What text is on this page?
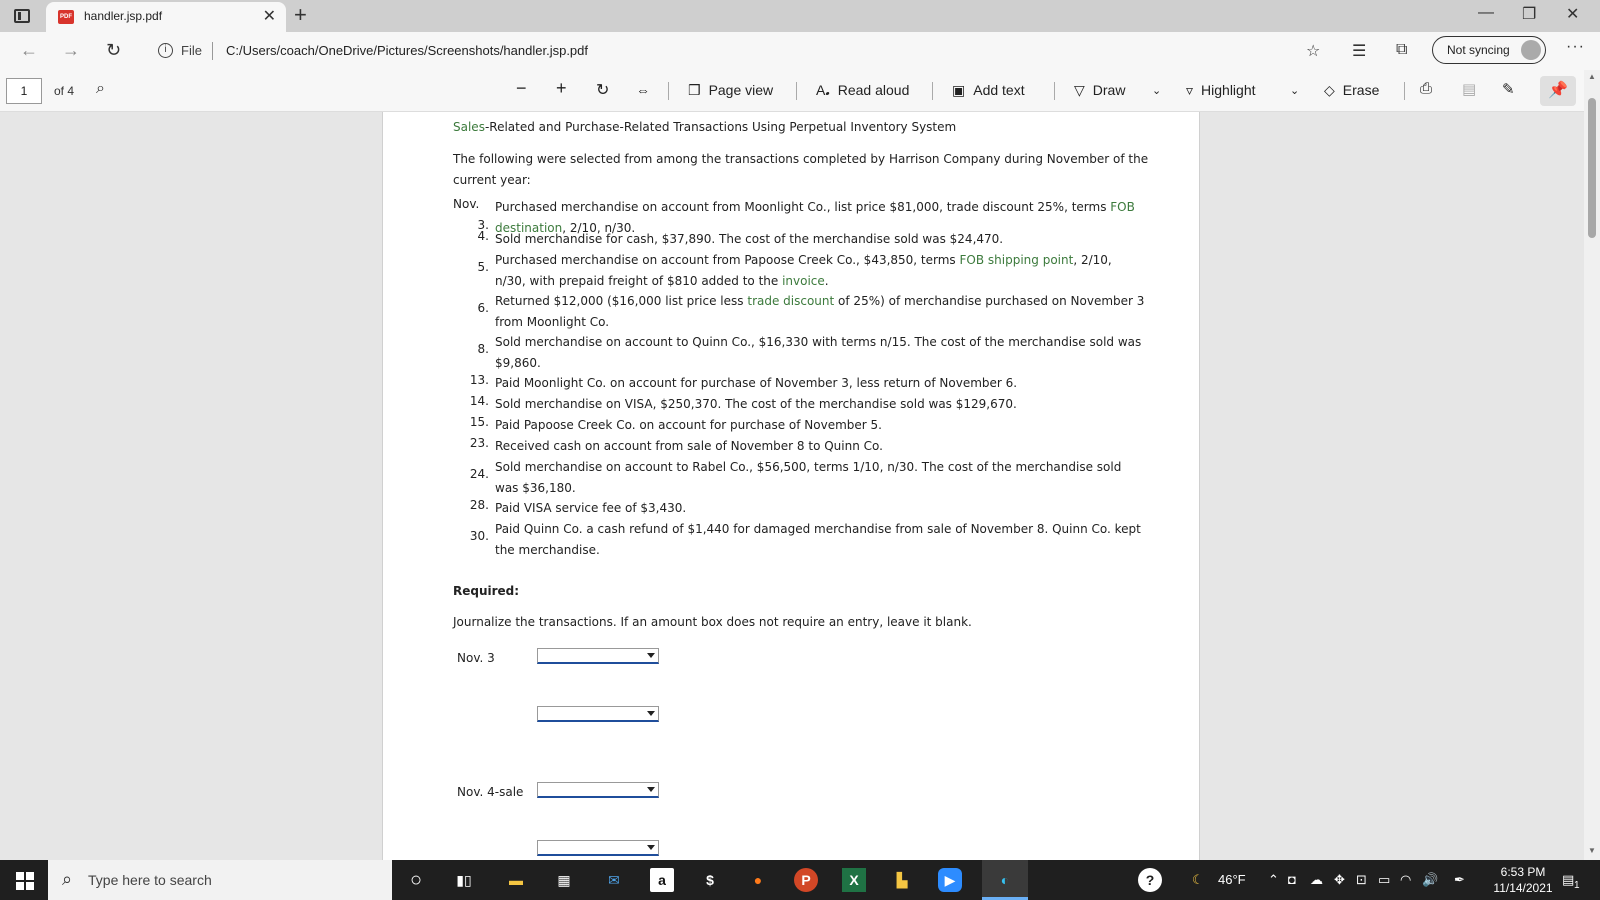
PDF handler.jsp.pdf	✕ +	— ❐ ✕
← → ↻	i	File C:/Users/coach/OneDrive/Pictures/Screenshots/handler.jsp.pdf	☆ ☰ ⧉	Not syncing	···
1	of 4 ⌕	− + ↻ ⇔	❒ Page view	A𝅘 Read aloud	▣ Add text	▽ Draw ⌄ ▿ Highlight	⌄ ◇ Erase	⎙ ▤ ✎	📌
Sales-Related and Purchase-Related Transactions Using Perpetual Inventory System
The following were selected from among the transactions completed by Harrison Company during November of the current year:
Nov.
3.
Purchased merchandise on account from Moonlight Co., list price $81,000, trade discount 25%, terms FOB destination, 2/10, n/30.
4. Sold merchandise for cash, $37,890. The cost of the merchandise sold was $24,470.
5. Purchased merchandise on account from Papoose Creek Co., $43,850, terms FOB shipping point, 2/10, n/30, with prepaid freight of $810 added to the invoice.
6. Returned $12,000 ($16,000 list price less trade discount of 25%) of merchandise purchased on November 3 from Moonlight Co.
8. Sold merchandise on account to Quinn Co., $16,330 with terms n/15. The cost of the merchandise sold was $9,860.
13. Paid Moonlight Co. on account for purchase of November 3, less return of November 6.
14. Sold merchandise on VISA, $250,370. The cost of the merchandise sold was $129,670.
15. Paid Papoose Creek Co. on account for purchase of November 5.
23. Received cash on account from sale of November 8 to Quinn Co.
24. Sold merchandise on account to Rabel Co., $56,500, terms 1/10, n/30. The cost of the merchandise sold was $36,180.
28. Paid VISA service fee of $3,430.
30. Paid Quinn Co. a cash refund of $1,440 for damaged merchandise from sale of November 8. Quinn Co. kept the merchandise.
Required:
Journalize the transactions. If an amount box does not require an entry, leave it blank.
Nov. 3
Nov. 4-sale
▲
▼
⌕ Type here to search	○	▮▯	▬	▦	✉	a	$	●	P	X	▙	▶	◐	?	☾ 46°F ⌃ ◘ ☁ ✥ ⊡ ▭ ◠ 🔊 ✒	6:53 PM
11/14/2021
▤ 1
